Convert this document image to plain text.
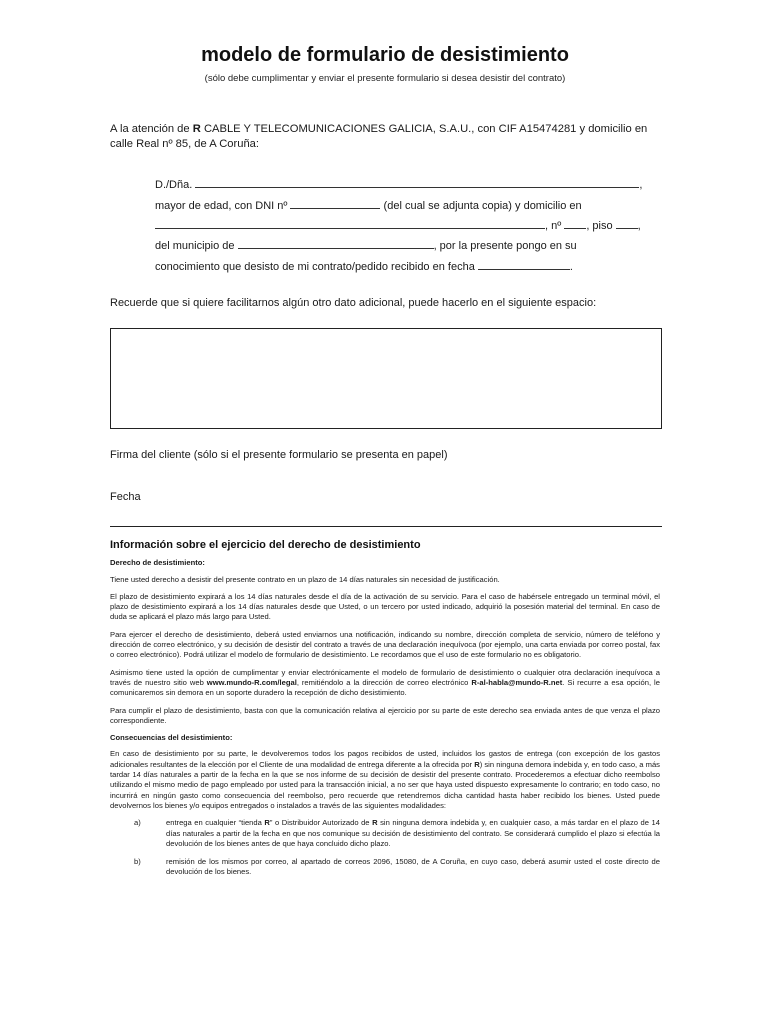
modelo de formulario de desistimiento
(sólo debe cumplimentar y enviar el presente formulario si desea desistir del contrato)
A la atención de R CABLE Y TELECOMUNICACIONES GALICIA, S.A.U., con CIF A15474281 y domicilio en
calle Real nº 85, de A Coruña:
D./Dña.	,
mayor de edad, con DNI nº	(del cual se adjunta copia) y domicilio en
, nº , piso ,
del municipio de	, por la presente pongo en su
conocimiento que desisto de mi contrato/pedido recibido en fecha	.
Recuerde que si quiere facilitarnos algún otro dato adicional, puede hacerlo en el siguiente espacio:
Firma del cliente (sólo si el presente formulario se presenta en papel)
Fecha
Información sobre el ejercicio del derecho de desistimiento
Derecho de desistimiento:

Tiene usted derecho a desistir del presente contrato en un plazo de 14 días naturales sin necesidad de justificación.

El plazo de desistimiento expirará a los 14 días naturales desde el día de la activación de su servicio. Para el caso de habérsele entregado un terminal móvil, el plazo de desistimiento expirará a los 14 días naturales desde que Usted, o un tercero por usted indicado, adquirió la posesión material del terminal. En caso de duda se aplicará el plazo más largo para Usted.

Para ejercer el derecho de desistimiento, deberá usted enviarnos una notificación, indicando su nombre, dirección completa de servicio, número de teléfono y dirección de correo electrónico, y su decisión de desistir del contrato a través de una declaración inequívoca (por ejemplo, una carta enviada por correo postal, fax o correo electrónico). Podrá utilizar el modelo de formulario de desistimiento. Le recordamos que el uso de este formulario no es obligatorio.

Asimismo tiene usted la opción de cumplimentar y enviar electrónicamente el modelo de formulario de desistimiento o cualquier otra declaración inequívoca a través de nuestro sitio web www.mundo-R.com/legal, remitiéndolo a la dirección de correo electrónico R-al-habla@mundo-R.net. Si recurre a esa opción, le comunicaremos sin demora en un soporte duradero la recepción de dicho desistimiento.

Para cumplir el plazo de desistimiento, basta con que la comunicación relativa al ejercicio por su parte de este derecho sea enviada antes de que venza el plazo correspondiente.

Consecuencias del desistimiento:

En caso de desistimiento por su parte, le devolveremos todos los pagos recibidos de usted, incluidos los gastos de entrega (con excepción de los gastos adicionales resultantes de la elección por el Cliente de una modalidad de entrega diferente a la ofrecida por R) sin ninguna demora indebida y, en todo caso, a más tardar 14 días naturales a partir de la fecha en la que se nos informe de su decisión de desistir del presente contrato. Procederemos a efectuar dicho reembolso utilizando el mismo medio de pago empleado por usted para la transacción inicial, a no ser que haya usted dispuesto expresamente lo contrario; en todo caso, no incurrirá en ningún gasto como consecuencia del reembolso, pero recuerde que retendremos dicha cantidad hasta haber recibido los bienes. Usted puede devolvernos los bienes y/o equipos entregados o instalados a través de las siguientes modalidades:

a)	entrega en cualquier “tienda R” o Distribuidor Autorizado de R sin ninguna demora indebida y, en cualquier caso, a más tardar en el plazo de 14 días naturales a partir de la fecha en que nos comunique su decisión de desistimiento del contrato. Se considerará cumplido el plazo si efectúa la devolución de los bienes antes de que haya concluido dicho plazo.
b)	remisión de los mismos por correo, al apartado de correos 2096, 15080, de A Coruña, en cuyo caso, deberá asumir usted el coste directo de devolución de los bienes.
